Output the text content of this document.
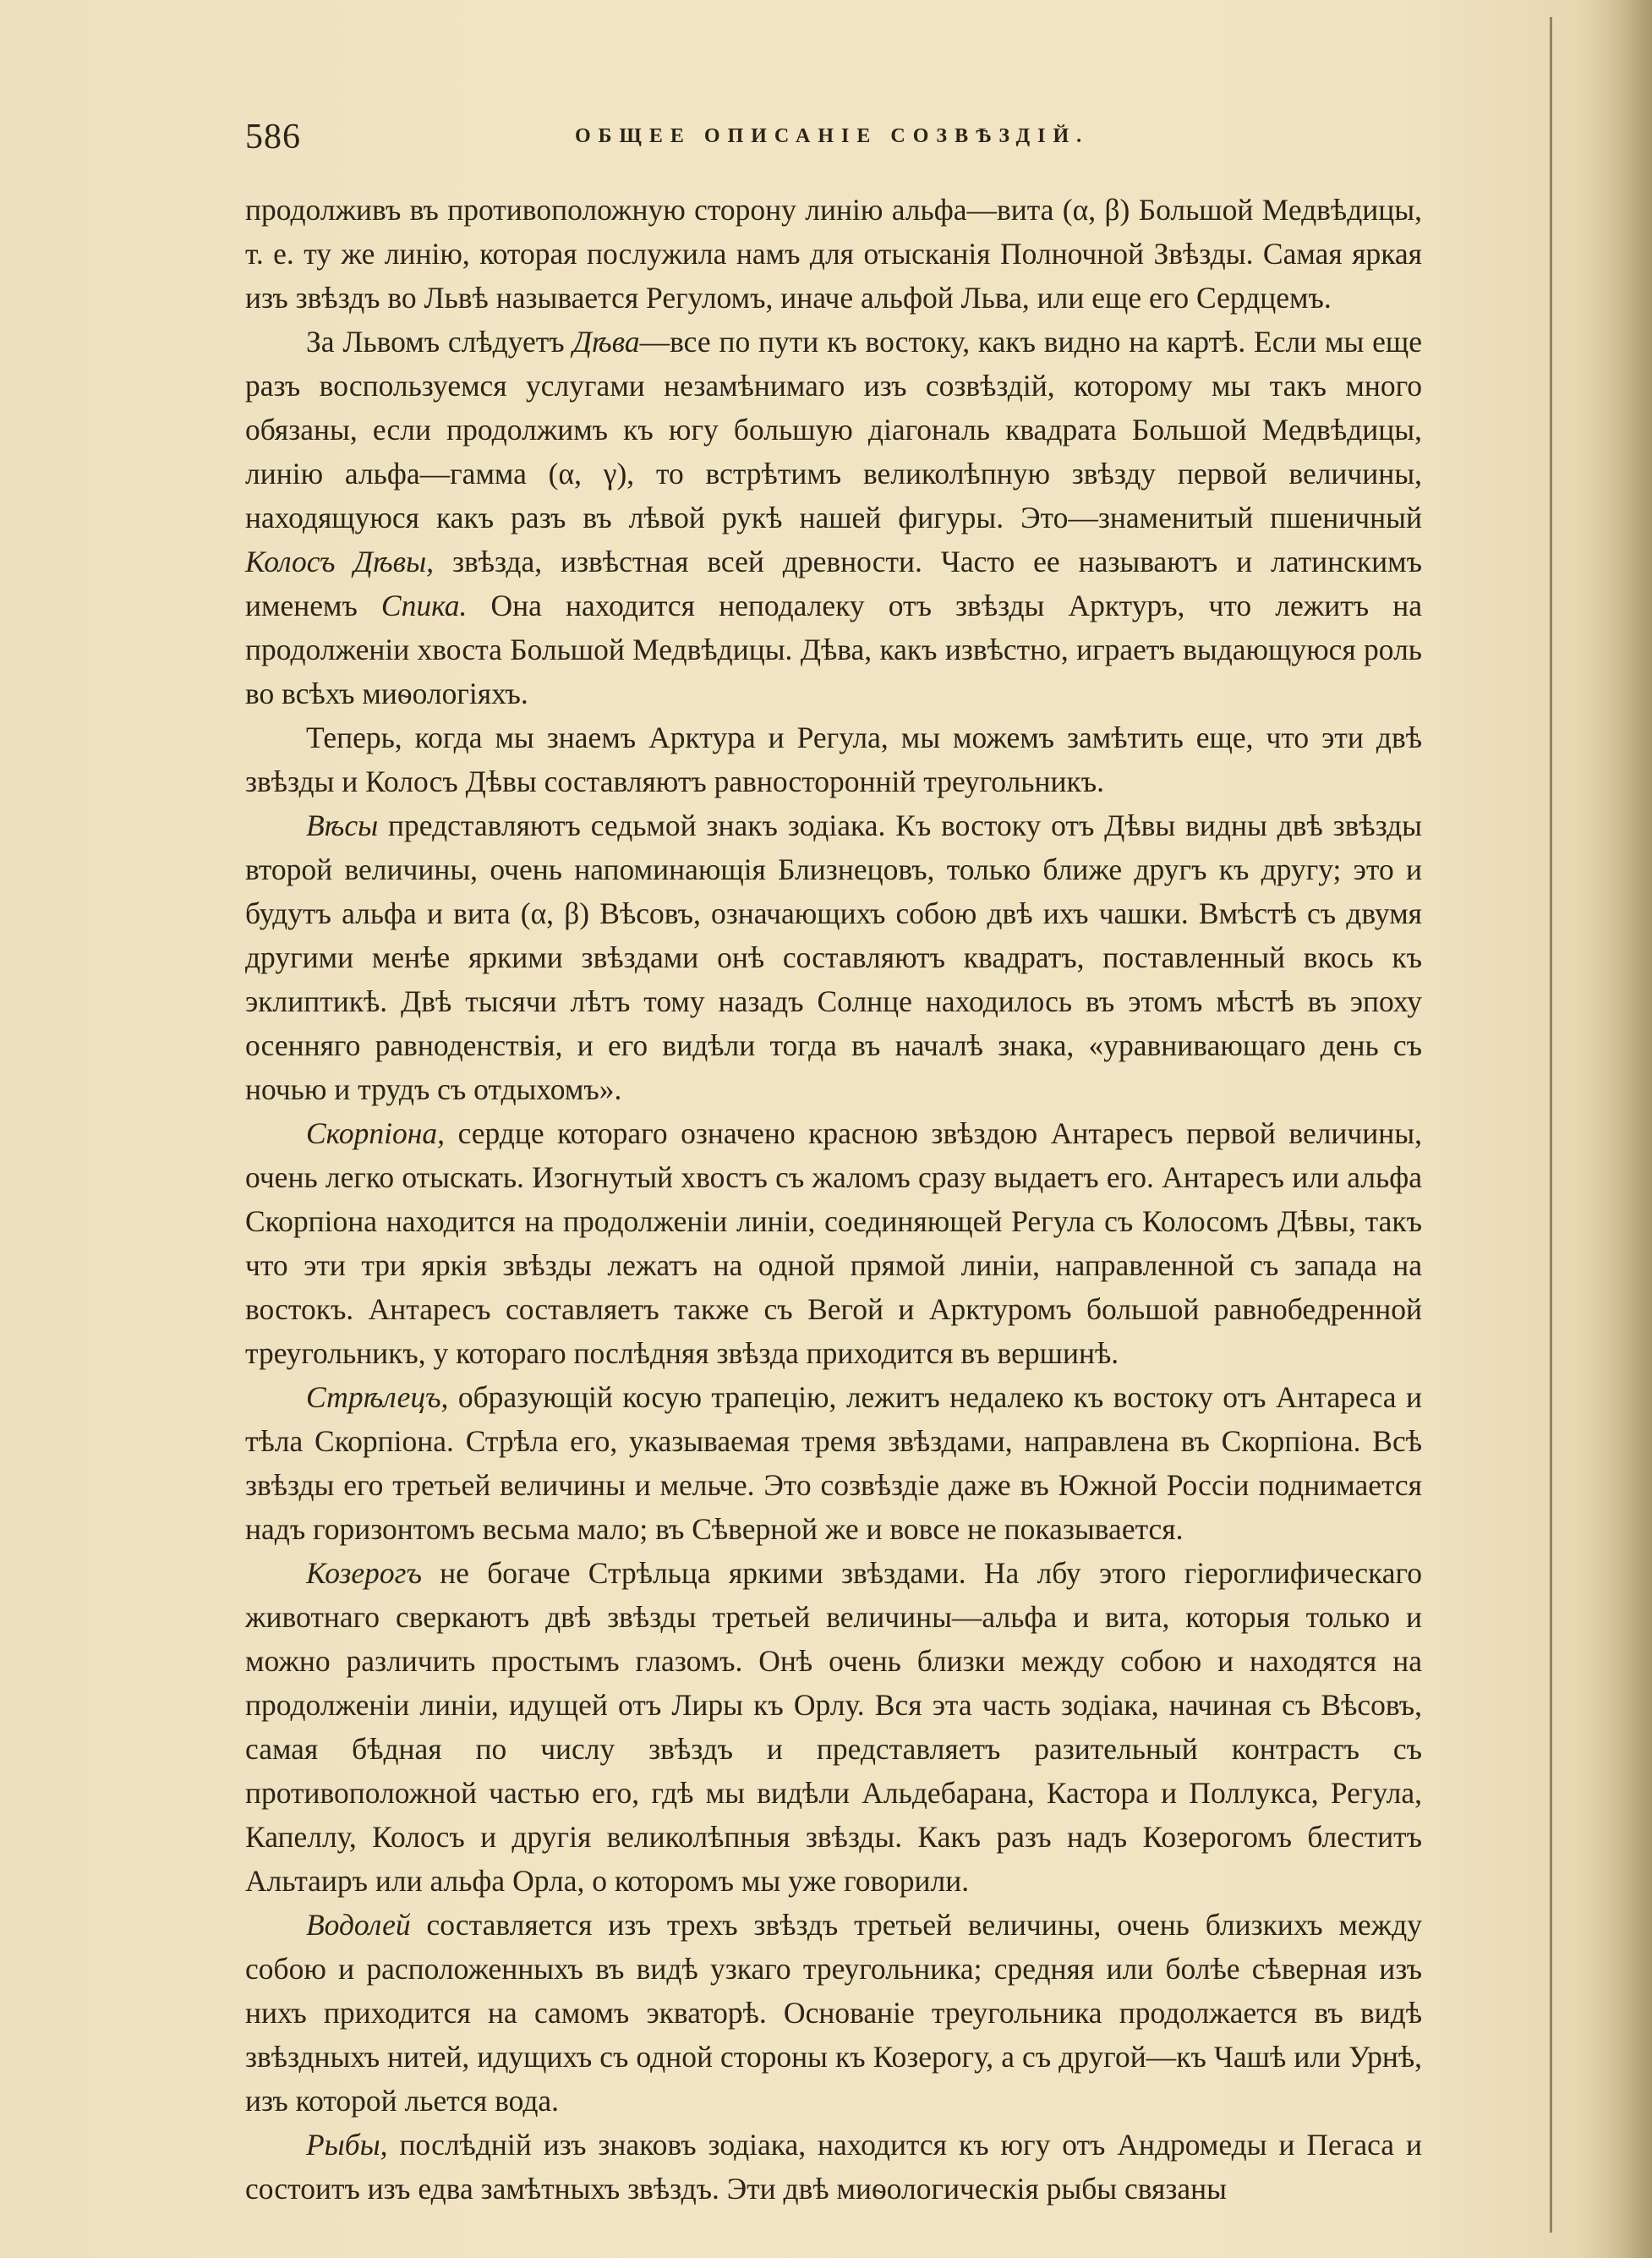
586	ОБЩЕЕ ОПИСАНІЕ СОЗВѢЗДІЙ.

продолживъ въ противоположную сторону линію альфа—вита (α, β) Большой Медвѣдицы, т. е. ту же линію, которая послужила намъ для отысканія Полночной Звѣзды. Самая яркая изъ звѣздъ во Львѣ называется Регуломъ, иначе альфой Льва, или еще его Сердцемъ.

За Львомъ слѣдуетъ Дѣва—все по пути къ востоку, какъ видно на картѣ. Если мы еще разъ воспользуемся услугами незамѣнимаго изъ созвѣздій, которому мы такъ много обязаны, если продолжимъ къ югу большую діагональ квадрата Большой Медвѣдицы, линію альфа—гамма (α, γ), то встрѣтимъ великолѣпную звѣзду первой величины, находящуюся какъ разъ въ лѣвой рукѣ нашей фигуры. Это—знаменитый пшеничный Колосъ Дѣвы, звѣзда, извѣстная всей древности. Часто ее называютъ и латинскимъ именемъ Спика. Она находится неподалеку отъ звѣзды Арктуръ, что лежитъ на продолженіи хвоста Большой Медвѣдицы. Дѣва, какъ извѣстно, играетъ выдающуюся роль во всѣхъ миѳологіяхъ.

Теперь, когда мы знаемъ Арктура и Регула, мы можемъ замѣтить еще, что эти двѣ звѣзды и Колосъ Дѣвы составляютъ равносторонній треугольникъ.

Вѣсы представляютъ седьмой знакъ зодіака. Къ востоку отъ Дѣвы видны двѣ звѣзды второй величины, очень напоминающія Близнецовъ, только ближе другъ къ другу; это и будутъ альфа и вита (α, β) Вѣсовъ, означающихъ собою двѣ ихъ чашки. Вмѣстѣ съ двумя другими менѣе яркими звѣздами онѣ составляютъ квадратъ, поставленный вкось къ эклиптикѣ. Двѣ тысячи лѣтъ тому назадъ Солнце находилось въ этомъ мѣстѣ въ эпоху осенняго равноденствія, и его видѣли тогда въ началѣ знака, «уравнивающаго день съ ночью и трудъ съ отдыхомъ».

Скорпіона, сердце котораго означено красною звѣздою Антаресъ первой величины, очень легко отыскать. Изогнутый хвостъ съ жаломъ сразу выдаетъ его. Антаресъ или альфа Скорпіона находится на продолженіи линіи, соединяющей Регула съ Колосомъ Дѣвы, такъ что эти три яркія звѣзды лежатъ на одной прямой линіи, направленной съ запада на востокъ. Антаресъ составляетъ также съ Вегой и Арктуромъ большой равнобедренной треугольникъ, у котораго послѣдняя звѣзда приходится въ вершинѣ.

Стрѣлецъ, образующій косую трапецію, лежитъ недалеко къ востоку отъ Антареса и тѣла Скорпіона. Стрѣла его, указываемая тремя звѣздами, направлена въ Скорпіона. Всѣ звѣзды его третьей величины и мельче. Это созвѣздіе даже въ Южной Россіи поднимается надъ горизонтомъ весьма мало; въ Сѣверной же и вовсе не показывается.

Козерогъ не богаче Стрѣльца яркими звѣздами. На лбу этого гіероглифическаго животнаго сверкаютъ двѣ звѣзды третьей величины—альфа и вита, которыя только и можно различить простымъ глазомъ. Онѣ очень близки между собою и находятся на продолженіи линіи, идущей отъ Лиры къ Орлу. Вся эта часть зодіака, начиная съ Вѣсовъ, самая бѣдная по числу звѣздъ и представляетъ разительный контрастъ съ противоположной частью его, гдѣ мы видѣли Альдебарана, Кастора и Поллукса, Регула, Капеллу, Колосъ и другія великолѣпныя звѣзды. Какъ разъ надъ Козерогомъ блеститъ Альтаиръ или альфа Орла, о которомъ мы уже говорили.

Водолей составляется изъ трехъ звѣздъ третьей величины, очень близкихъ между собою и расположенныхъ въ видѣ узкаго треугольника; средняя или болѣе сѣверная изъ нихъ приходится на самомъ экваторѣ. Основаніе треугольника продолжается въ видѣ звѣздныхъ нитей, идущихъ съ одной стороны къ Козерогу, а съ другой—къ Чашѣ или Урнѣ, изъ которой льется вода.

Рыбы, послѣдній изъ знаковъ зодіака, находится къ югу отъ Андромеды и Пегаса и состоитъ изъ едва замѣтныхъ звѣздъ. Эти двѣ миѳологическія рыбы связаны
